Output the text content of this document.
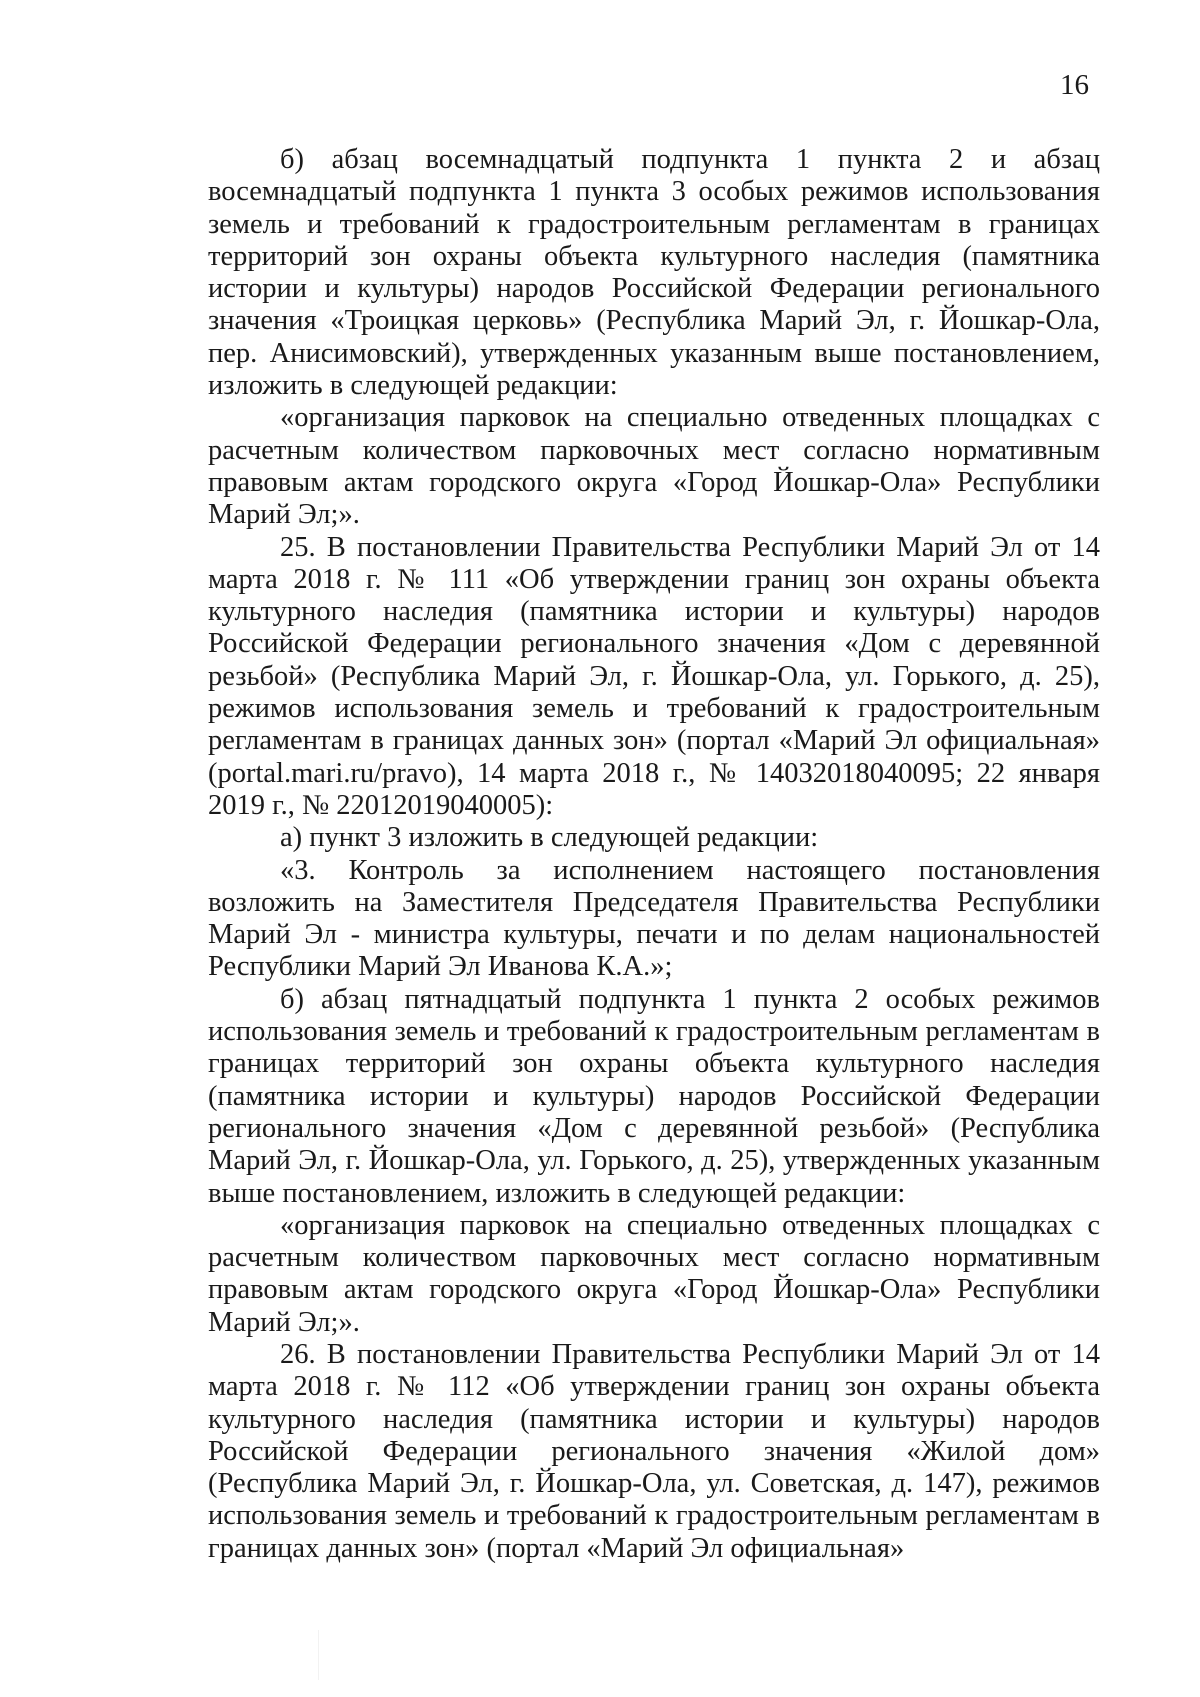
16

б) абзац восемнадцатый подпункта 1 пункта 2 и абзац восемнадцатый подпункта 1 пункта 3 особых режимов использования земель и требований к градостроительным регламентам в границах территорий зон охраны объекта культурного наследия (памятника истории и культуры) народов Российской Федерации регионального значения «Троицкая церковь» (Республика Марий Эл, г. Йошкар-Ола, пер. Анисимовский), утвержденных указанным выше постановлением, изложить в следующей редакции:

«организация парковок на специально отведенных площадках с расчетным количеством парковочных мест согласно нормативным правовым актам городского округа «Город Йошкар-Ола» Республики Марий Эл;».

25. В постановлении Правительства Республики Марий Эл от 14 марта 2018 г. № 111 «Об утверждении границ зон охраны объекта культурного наследия (памятника истории и культуры) народов Российской Федерации регионального значения «Дом с деревянной резьбой» (Республика Марий Эл, г. Йошкар-Ола, ул. Горького, д. 25), режимов использования земель и требований к градостроительным регламентам в границах данных зон» (портал «Марий Эл официальная» (portal.mari.ru/pravo), 14 марта 2018 г., № 14032018040095; 22 января 2019 г., № 22012019040005):

а) пункт 3 изложить в следующей редакции:

«3. Контроль за исполнением настоящего постановления возложить на Заместителя Председателя Правительства Республики Марий Эл - министра культуры, печати и по делам национальностей Республики Марий Эл Иванова К.А.»;

б) абзац пятнадцатый подпункта 1 пункта 2 особых режимов использования земель и требований к градостроительным регламентам в границах территорий зон охраны объекта культурного наследия (памятника истории и культуры) народов Российской Федерации регионального значения «Дом с деревянной резьбой» (Республика Марий Эл, г. Йошкар-Ола, ул. Горького, д. 25), утвержденных указанным выше постановлением, изложить в следующей редакции:

«организация парковок на специально отведенных площадках с расчетным количеством парковочных мест согласно нормативным правовым актам городского округа «Город Йошкар-Ола» Республики Марий Эл;».

26. В постановлении Правительства Республики Марий Эл от 14 марта 2018 г. № 112 «Об утверждении границ зон охраны объекта культурного наследия (памятника истории и культуры) народов Российской Федерации регионального значения «Жилой дом» (Республика Марий Эл, г. Йошкар-Ола, ул. Советская, д. 147), режимов использования земель и требований к градостроительным регламентам в границах данных зон» (портал «Марий Эл официальная»
